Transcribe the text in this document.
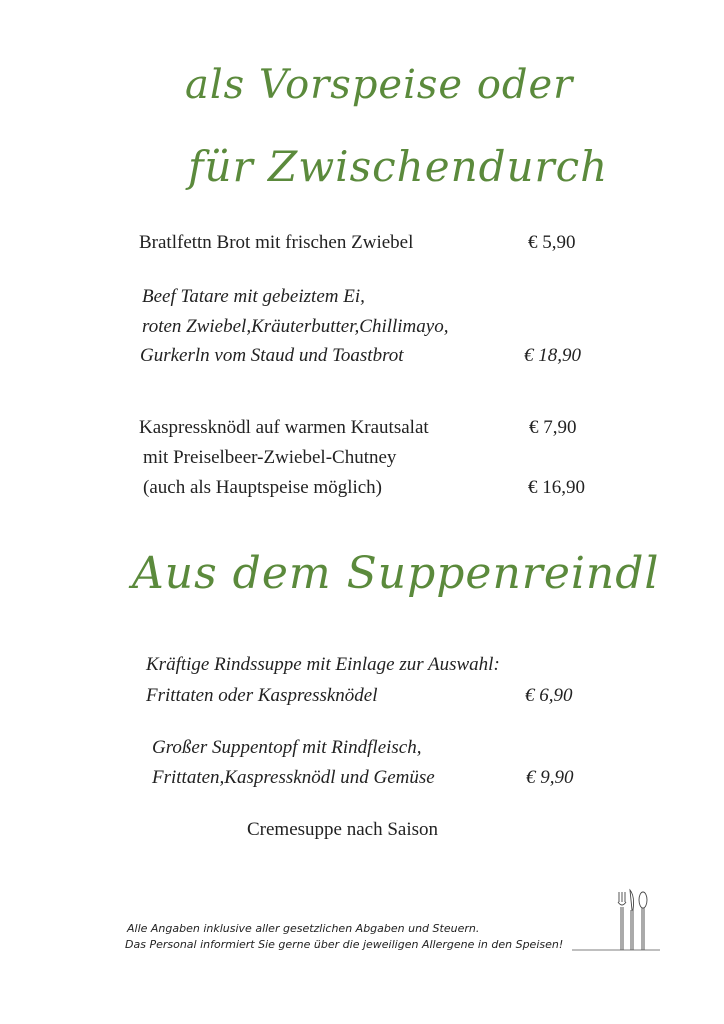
als Vorspeise oder
für Zwischendurch
Bratlfettn Brot mit frischen Zwiebel	€ 5,90
Beef Tatare mit gebeiztem Ei,
roten Zwiebel,Kräuterbutter,Chillimayo,
Gurkerln vom Staud und Toastbrot	€ 18,90
Kaspressknödl auf warmen Krautsalat	€ 7,90
mit Preiselbeer-Zwiebel-Chutney
(auch als Hauptspeise möglich)	€ 16,90
Aus dem Suppenreindl
Kräftige Rindssuppe mit Einlage zur Auswahl:
Frittaten oder Kaspressknödel	€ 6,90
Großer Suppentopf mit Rindfleisch,
Frittaten,Kaspressknödl und Gemüse	€ 9,90
Cremesuppe nach Saison
Alle Angaben inklusive aller gesetzlichen Abgaben und Steuern.
Das Personal informiert Sie gerne über die jeweiligen Allergene in den Speisen!
